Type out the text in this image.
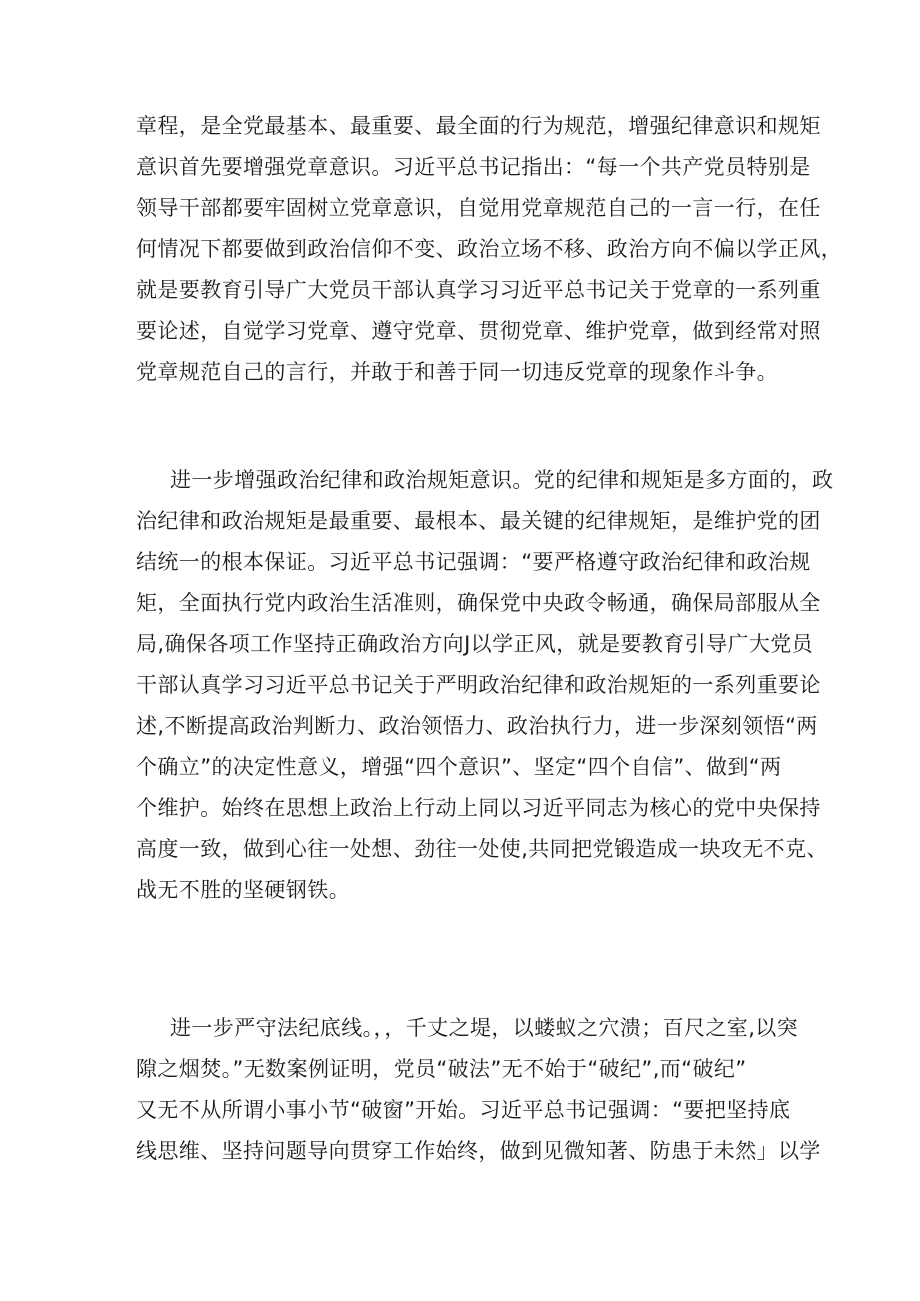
章程，是全党最基本、最重要、最全面的行为规范，增强纪律意识和规矩
意识首先要增强党章意识。习近平总书记指出：“每一个共产党员特别是
领导干部都要牢固树立党章意识，自觉用党章规范自己的一言一行，在任
何情况下都要做到政治信仰不变、政治立场不移、政治方向不偏以学正风，
就是要教育引导广大党员干部认真学习习近平总书记关于党章的一系列重
要论述，自觉学习党章、遵守党章、贯彻党章、维护党章，做到经常对照
党章规范自己的言行，并敢于和善于同一切违反党章的现象作斗争。
进一步增强政治纪律和政治规矩意识。党的纪律和规矩是多方面的，政
治纪律和政治规矩是最重要、最根本、最关键的纪律规矩，是维护党的团
结统一的根本保证。习近平总书记强调：“要严格遵守政治纪律和政治规
矩，全面执行党内政治生活准则，确保党中央政令畅通，确保局部服从全
局,确保各项工作坚持正确政治方向J以学正风，就是要教育引导广大党员
干部认真学习习近平总书记关于严明政治纪律和政治规矩的一系列重要论
述,不断提高政治判断力、政治领悟力、政治执行力，进一步深刻领悟“两
个确立”的决定性意义，增强“四个意识”、坚定“四个自信”、做到“两
个维护。始终在思想上政治上行动上同以习近平同志为核心的党中央保持
高度一致，做到心往一处想、劲往一处使,共同把党锻造成一块攻无不克、
战无不胜的坚硬钢铁。
进一步严守法纪底线。，，千丈之堤，以蝼蚁之穴溃；百尺之室,以突
隙之烟焚。”无数案例证明，党员“破法”无不始于“破纪”,而“破纪”
又无不从所谓小事小节“破窗”开始。习近平总书记强调：“要把坚持底
线思维、坚持问题导向贯穿工作始终，做到见微知著、防患于未然」以学
